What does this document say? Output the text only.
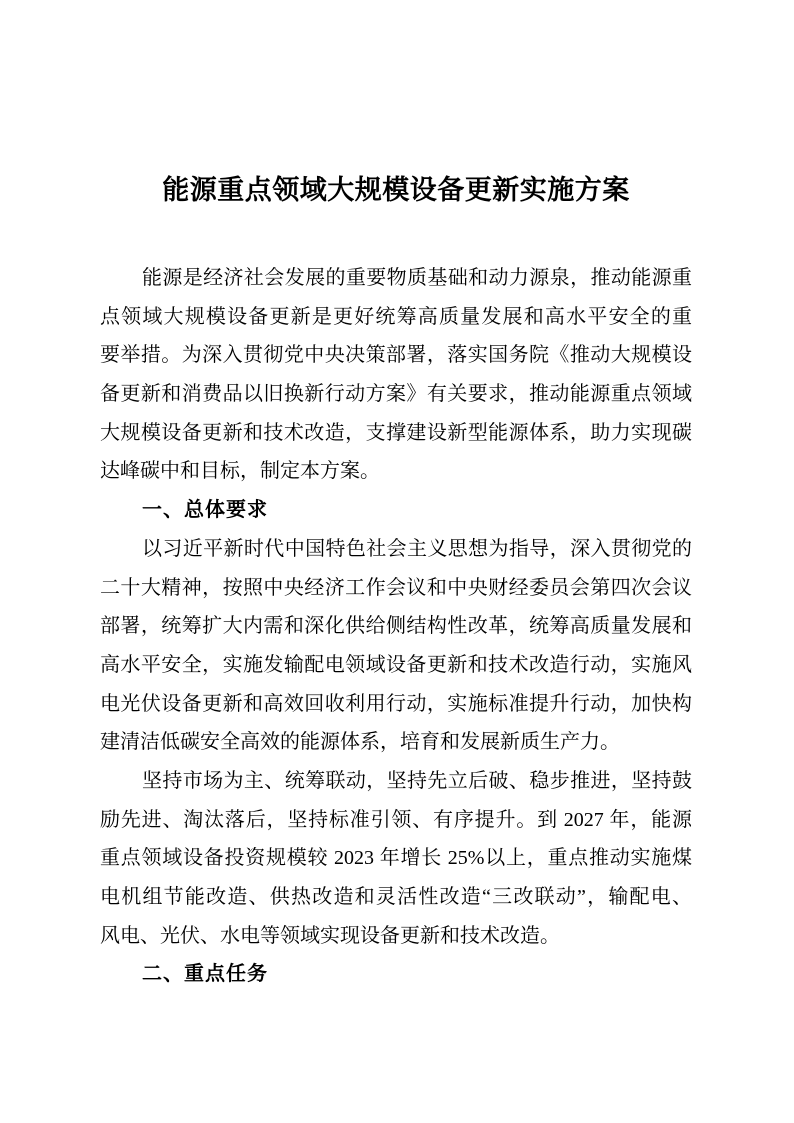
能源重点领域大规模设备更新实施方案
能源是经济社会发展的重要物质基础和动力源泉，推动能源重
点领域大规模设备更新是更好统筹高质量发展和高水平安全的重
要举措。为深入贯彻党中央决策部署，落实国务院《推动大规模设
备更新和消费品以旧换新行动方案》有关要求，推动能源重点领域
大规模设备更新和技术改造，支撑建设新型能源体系，助力实现碳
达峰碳中和目标，制定本方案。
一、总体要求
以习近平新时代中国特色社会主义思想为指导，深入贯彻党的
二十大精神，按照中央经济工作会议和中央财经委员会第四次会议
部署，统筹扩大内需和深化供给侧结构性改革，统筹高质量发展和
高水平安全，实施发输配电领域设备更新和技术改造行动，实施风
电光伏设备更新和高效回收利用行动，实施标准提升行动，加快构
建清洁低碳安全高效的能源体系，培育和发展新质生产力。
坚持市场为主、统筹联动，坚持先立后破、稳步推进，坚持鼓
励先进、淘汰落后，坚持标准引领、有序提升。到 2027 年，能源
重点领域设备投资规模较 2023 年增长 25%以上，重点推动实施煤
电机组节能改造、供热改造和灵活性改造“三改联动”，输配电、
风电、光伏、水电等领域实现设备更新和技术改造。
二、重点任务
